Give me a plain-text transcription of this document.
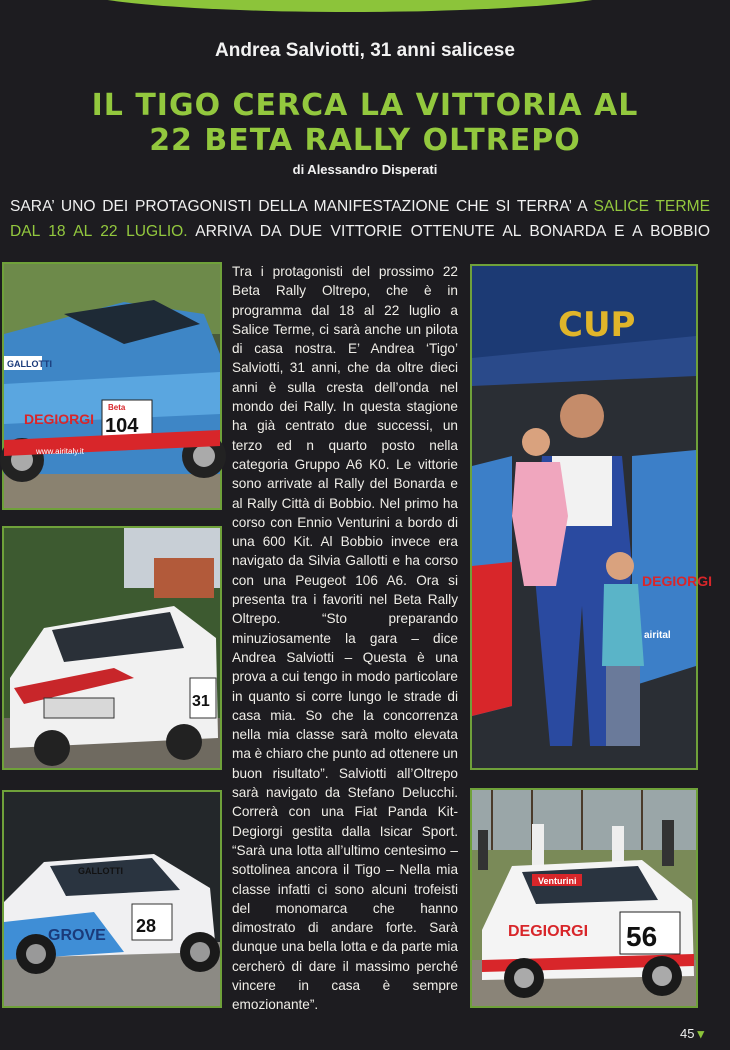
Andrea Salviotti, 31 anni salicese
IL TIGO CERCA LA VITTORIA AL
22 BETA RALLY OLTREPO
di Alessandro Disperati
SARA’ UNO DEI PROTAGONISTI DELLA MANIFESTAZIONE CHE SI TERRA’ A SALICE TERME DAL 18 AL 22 LUGLIO. ARRIVA DA DUE VITTORIE OTTENUTE AL BONARDA E A BOBBIO
GALLOTTI
DEGIORGI
Beta
104
www.airitaly.it
31
GALLOTTI
GROVE 28
CUP
DEGIORGI
airital
Venturini
56
DEGIORGI

Tra i protagonisti del prossimo 22 Beta Rally Oltrepo, che è in programma dal 18 al 22 luglio a Salice Terme, ci sarà anche un pilota di casa nostra. E’ Andrea ‘Tigo’ Salviotti, 31 anni, che da oltre dieci anni è sulla cresta dell’onda nel mondo dei Rally. In questa stagione ha già centrato due successi, un terzo ed n quarto posto nella categoria Gruppo A6 K0. Le vittorie sono arrivate al Rally del Bonarda e al Rally Città di Bobbio. Nel primo ha corso con Ennio Venturini a bordo di una 600 Kit. Al Bobbio invece era navigato da Silvia Gallotti e ha corso con una Peugeot 106 A6. Ora si presenta tra i favoriti nel Beta Rally Oltrepo. “Sto preparando minuziosamente la gara – dice Andrea Salviotti – Questa è una prova a cui tengo in modo particolare in quanto si corre lungo le strade di casa mia. So che la concorrenza nella mia classe sarà molto elevata ma è chiaro che punto ad ottenere un buon risultato”. Salviotti all’Oltrepo sarà navigato da Stefano Delucchi. Correrà con una Fiat Panda Kit-Degiorgi gestita dalla Isicar Sport. “Sarà una lotta all’ultimo centesimo – sottolinea ancora il Tigo – Nella mia classe infatti ci sono alcuni trofeisti del monomarca che hanno dimostrato di andare forte. Sarà dunque una bella lotta e da parte mia cercherò di dare il massimo perché vincere in casa è sempre emozionante”.

45 ▾
